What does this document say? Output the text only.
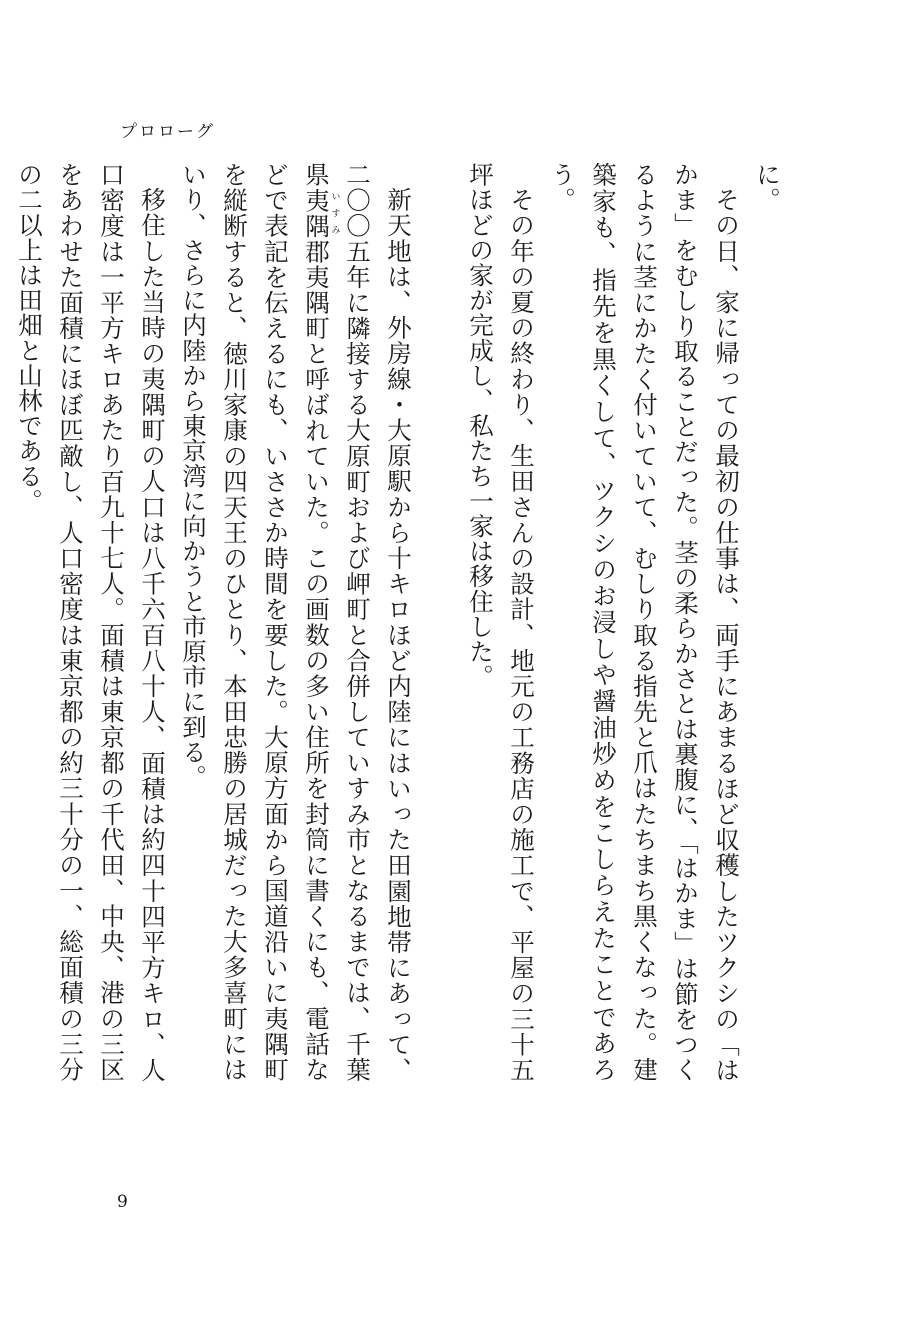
プロローグ

に。

その日、家に帰っての最初の仕事は、両手にあまるほど収穫したツクシの「はかま」をむしり取ることだった。茎の柔らかさとは裏腹に、「はかま」は節をつくるように茎にかたく付いていて、むしり取る指先と爪はたちまち黒くなった。建築家も、指先を黒くして、ツクシのお浸しや醤油炒めをこしらえたことであろう。

その年の夏の終わり、生田さんの設計、地元の工務店の施工で、平屋の三十五坪ほどの家が完成し、私たち一家は移住した。

新天地は、外房線・大原駅から十キロほど内陸にはいった田園地帯にあって、二〇〇五年に隣接する大原町および岬町と合併していすみ市となるまでは、千葉県夷隅いすみ郡夷隅町と呼ばれていた。この画数の多い住所を封筒に書くにも、電話などで表記を伝えるにも、いささか時間を要した。大原方面から国道沿いに夷隅町を縦断すると、徳川家康の四天王のひとり、本田忠勝の居城だった大多喜町にはいり、さらに内陸から東京湾に向かうと市原市に到る。

移住した当時の夷隅町の人口は八千六百八十人、面積は約四十四平方キロ、人口密度は一平方キロあたり百九十七人。面積は東京都の千代田、中央、港の三区をあわせた面積にほぼ匹敵し、人口密度は東京都の約三十分の一、総面積の三分の二以上は田畑と山林である。

9
